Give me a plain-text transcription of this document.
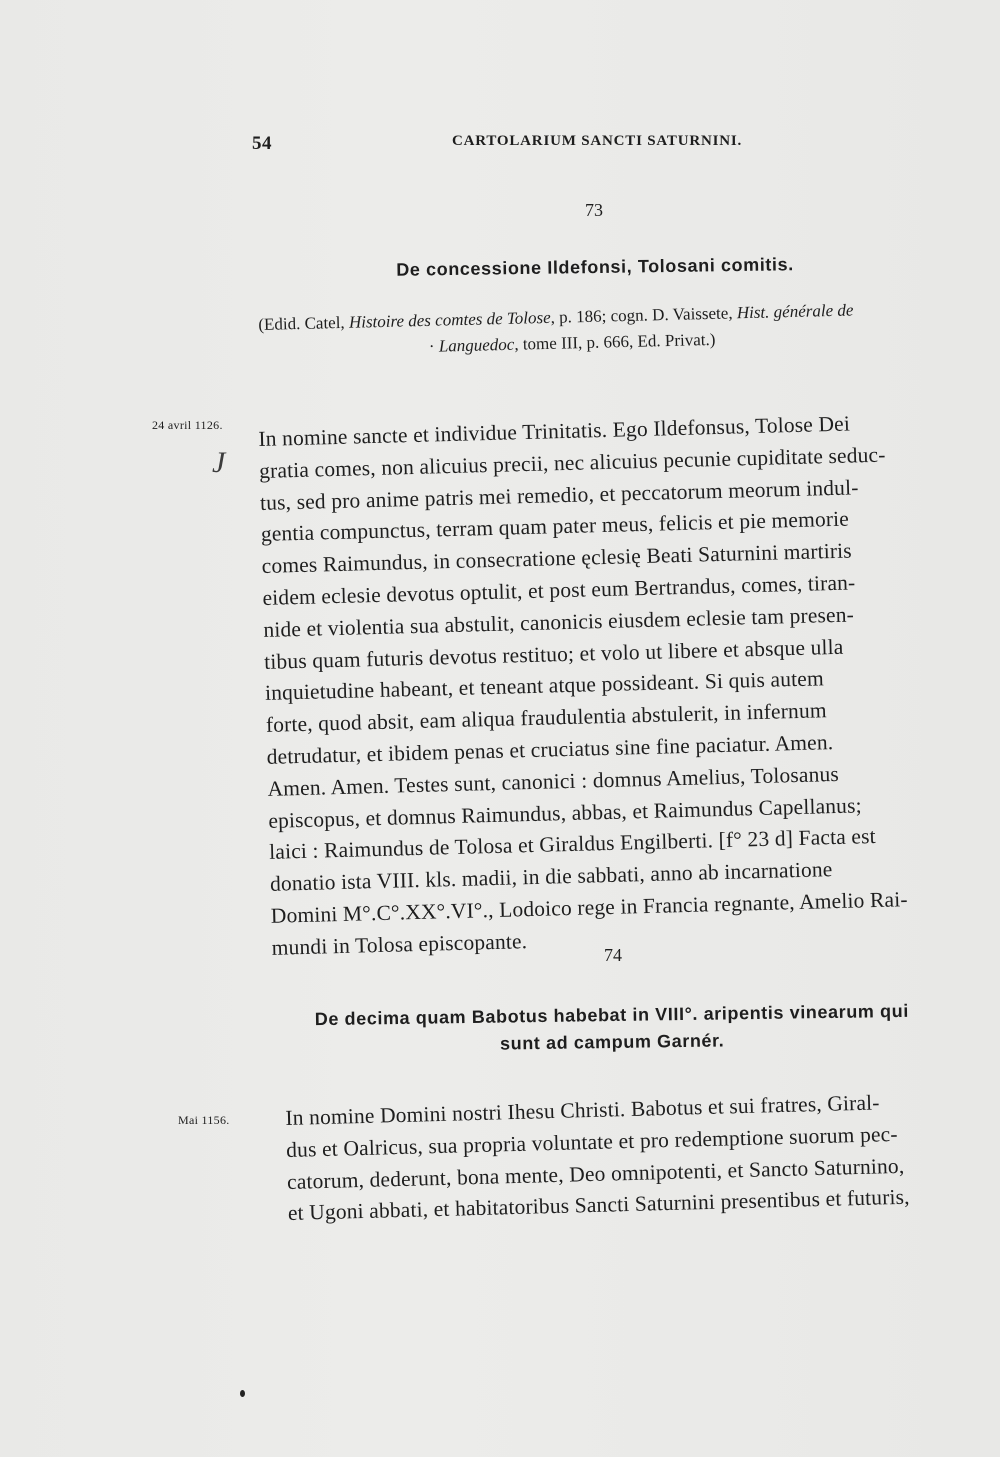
54	CARTOLARIUM SANCTI SATURNINI.
73
De concessione Ildefonsi, Tolosani comitis.
(Edid. Catel, Histoire des comtes de Tolose, p. 186; cogn. D. Vaissete, Hist. générale de
· Languedoc, tome III, p. 666, Ed. Privat.)
24 avril 1126.
J
In nomine sancte et individue Trinitatis. Ego Ildefonsus, Tolose Dei
gratia comes, non alicuius precii, nec alicuius pecunie cupiditate seduc-
tus, sed pro anime patris mei remedio, et peccatorum meorum indul-
gentia compunctus, terram quam pater meus, felicis et pie memorie
comes Raimundus, in consecratione ęclesię Beati Saturnini martiris
eidem eclesie devotus optulit, et post eum Bertrandus, comes, tiran-
nide et violentia sua abstulit, canonicis eiusdem eclesie tam presen-
tibus quam futuris devotus restituo; et volo ut libere et absque ulla
inquietudine habeant, et teneant atque possideant. Si quis autem
forte, quod absit, eam aliqua fraudulentia abstulerit, in infernum
detrudatur, et ibidem penas et cruciatus sine fine paciatur. Amen.
Amen. Amen. Testes sunt, canonici : domnus Amelius, Tolosanus
episcopus, et domnus Raimundus, abbas, et Raimundus Capellanus;
laici : Raimundus de Tolosa et Giraldus Engilberti. [f° 23 d] Facta est
donatio ista VIII. kls. madii, in die sabbati, anno ab incarnatione
Domini M°.C°.XX°.VI°., Lodoico rege in Francia regnante, Amelio Rai-
mundi in Tolosa episcopante.	74
De decima quam Babotus habebat in VIII°. aripentis vinearum qui
sunt ad campum Garnér.
Mai 1156.	In nomine Domini nostri Ihesu Christi. Babotus et sui fratres, Giral-
dus et Oalricus, sua propria voluntate et pro redemptione suorum pec-
catorum, dederunt, bona mente, Deo omnipotenti, et Sancto Saturnino,
et Ugoni abbati, et habitatoribus Sancti Saturnini presentibus et futuris,
